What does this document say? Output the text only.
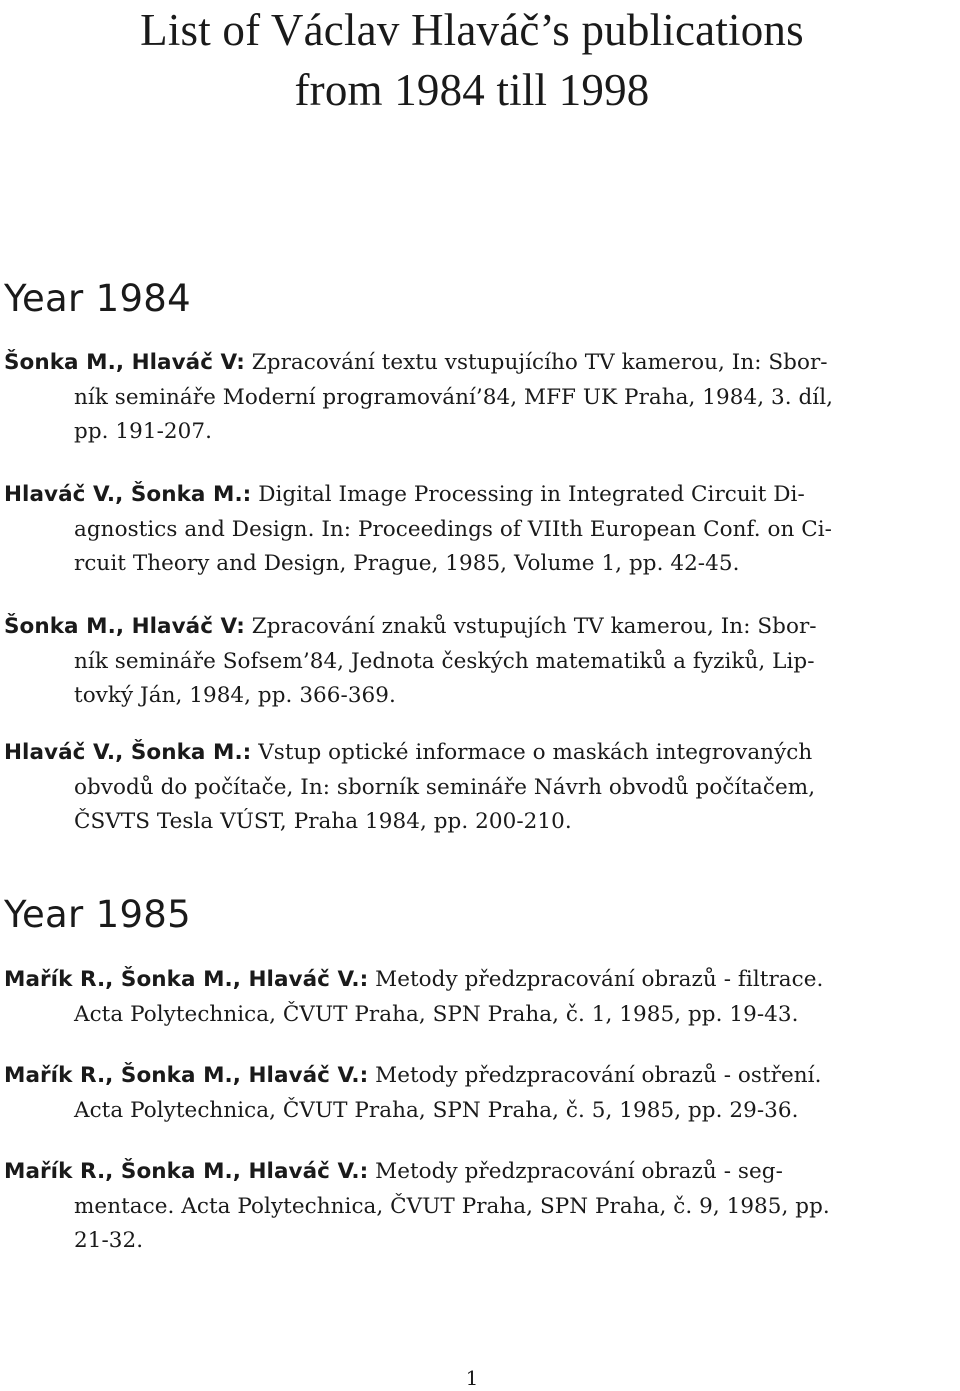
List of Václav Hlaváč’s publications
from 1984 till 1998
Year 1984
Šonka M., Hlaváč V: Zpracování textu vstupujícího TV kamerou, In: Sbor-
ník semináře Moderní programování’84, MFF UK Praha, 1984, 3. díl,
pp. 191-207.
Hlaváč V., Šonka M.: Digital Image Processing in Integrated Circuit Di-
agnostics and Design. In: Proceedings of VIIth European Conf. on Ci-
rcuit Theory and Design, Prague, 1985, Volume 1, pp. 42-45.
Šonka M., Hlaváč V: Zpracování znaků vstupujích TV kamerou, In: Sbor-
ník semináře Sofsem’84, Jednota českých matematiků a fyziků, Lip-
tovký Ján, 1984, pp. 366-369.
Hlaváč V., Šonka M.: Vstup optické informace o maskách integrovaných
obvodů do počítače, In: sborník semináře Návrh obvodů počítačem,
ČSVTS Tesla VÚST, Praha 1984, pp. 200-210.
Year 1985
Mařík R., Šonka M., Hlaváč V.: Metody předzpracování obrazů - filtrace.
Acta Polytechnica, ČVUT Praha, SPN Praha, č. 1, 1985, pp. 19-43.
Mařík R., Šonka M., Hlaváč V.: Metody předzpracování obrazů - ostření.
Acta Polytechnica, ČVUT Praha, SPN Praha, č. 5, 1985, pp. 29-36.
Mařík R., Šonka M., Hlaváč V.: Metody předzpracování obrazů - seg-
mentace. Acta Polytechnica, ČVUT Praha, SPN Praha, č. 9, 1985, pp.
21-32.
1
